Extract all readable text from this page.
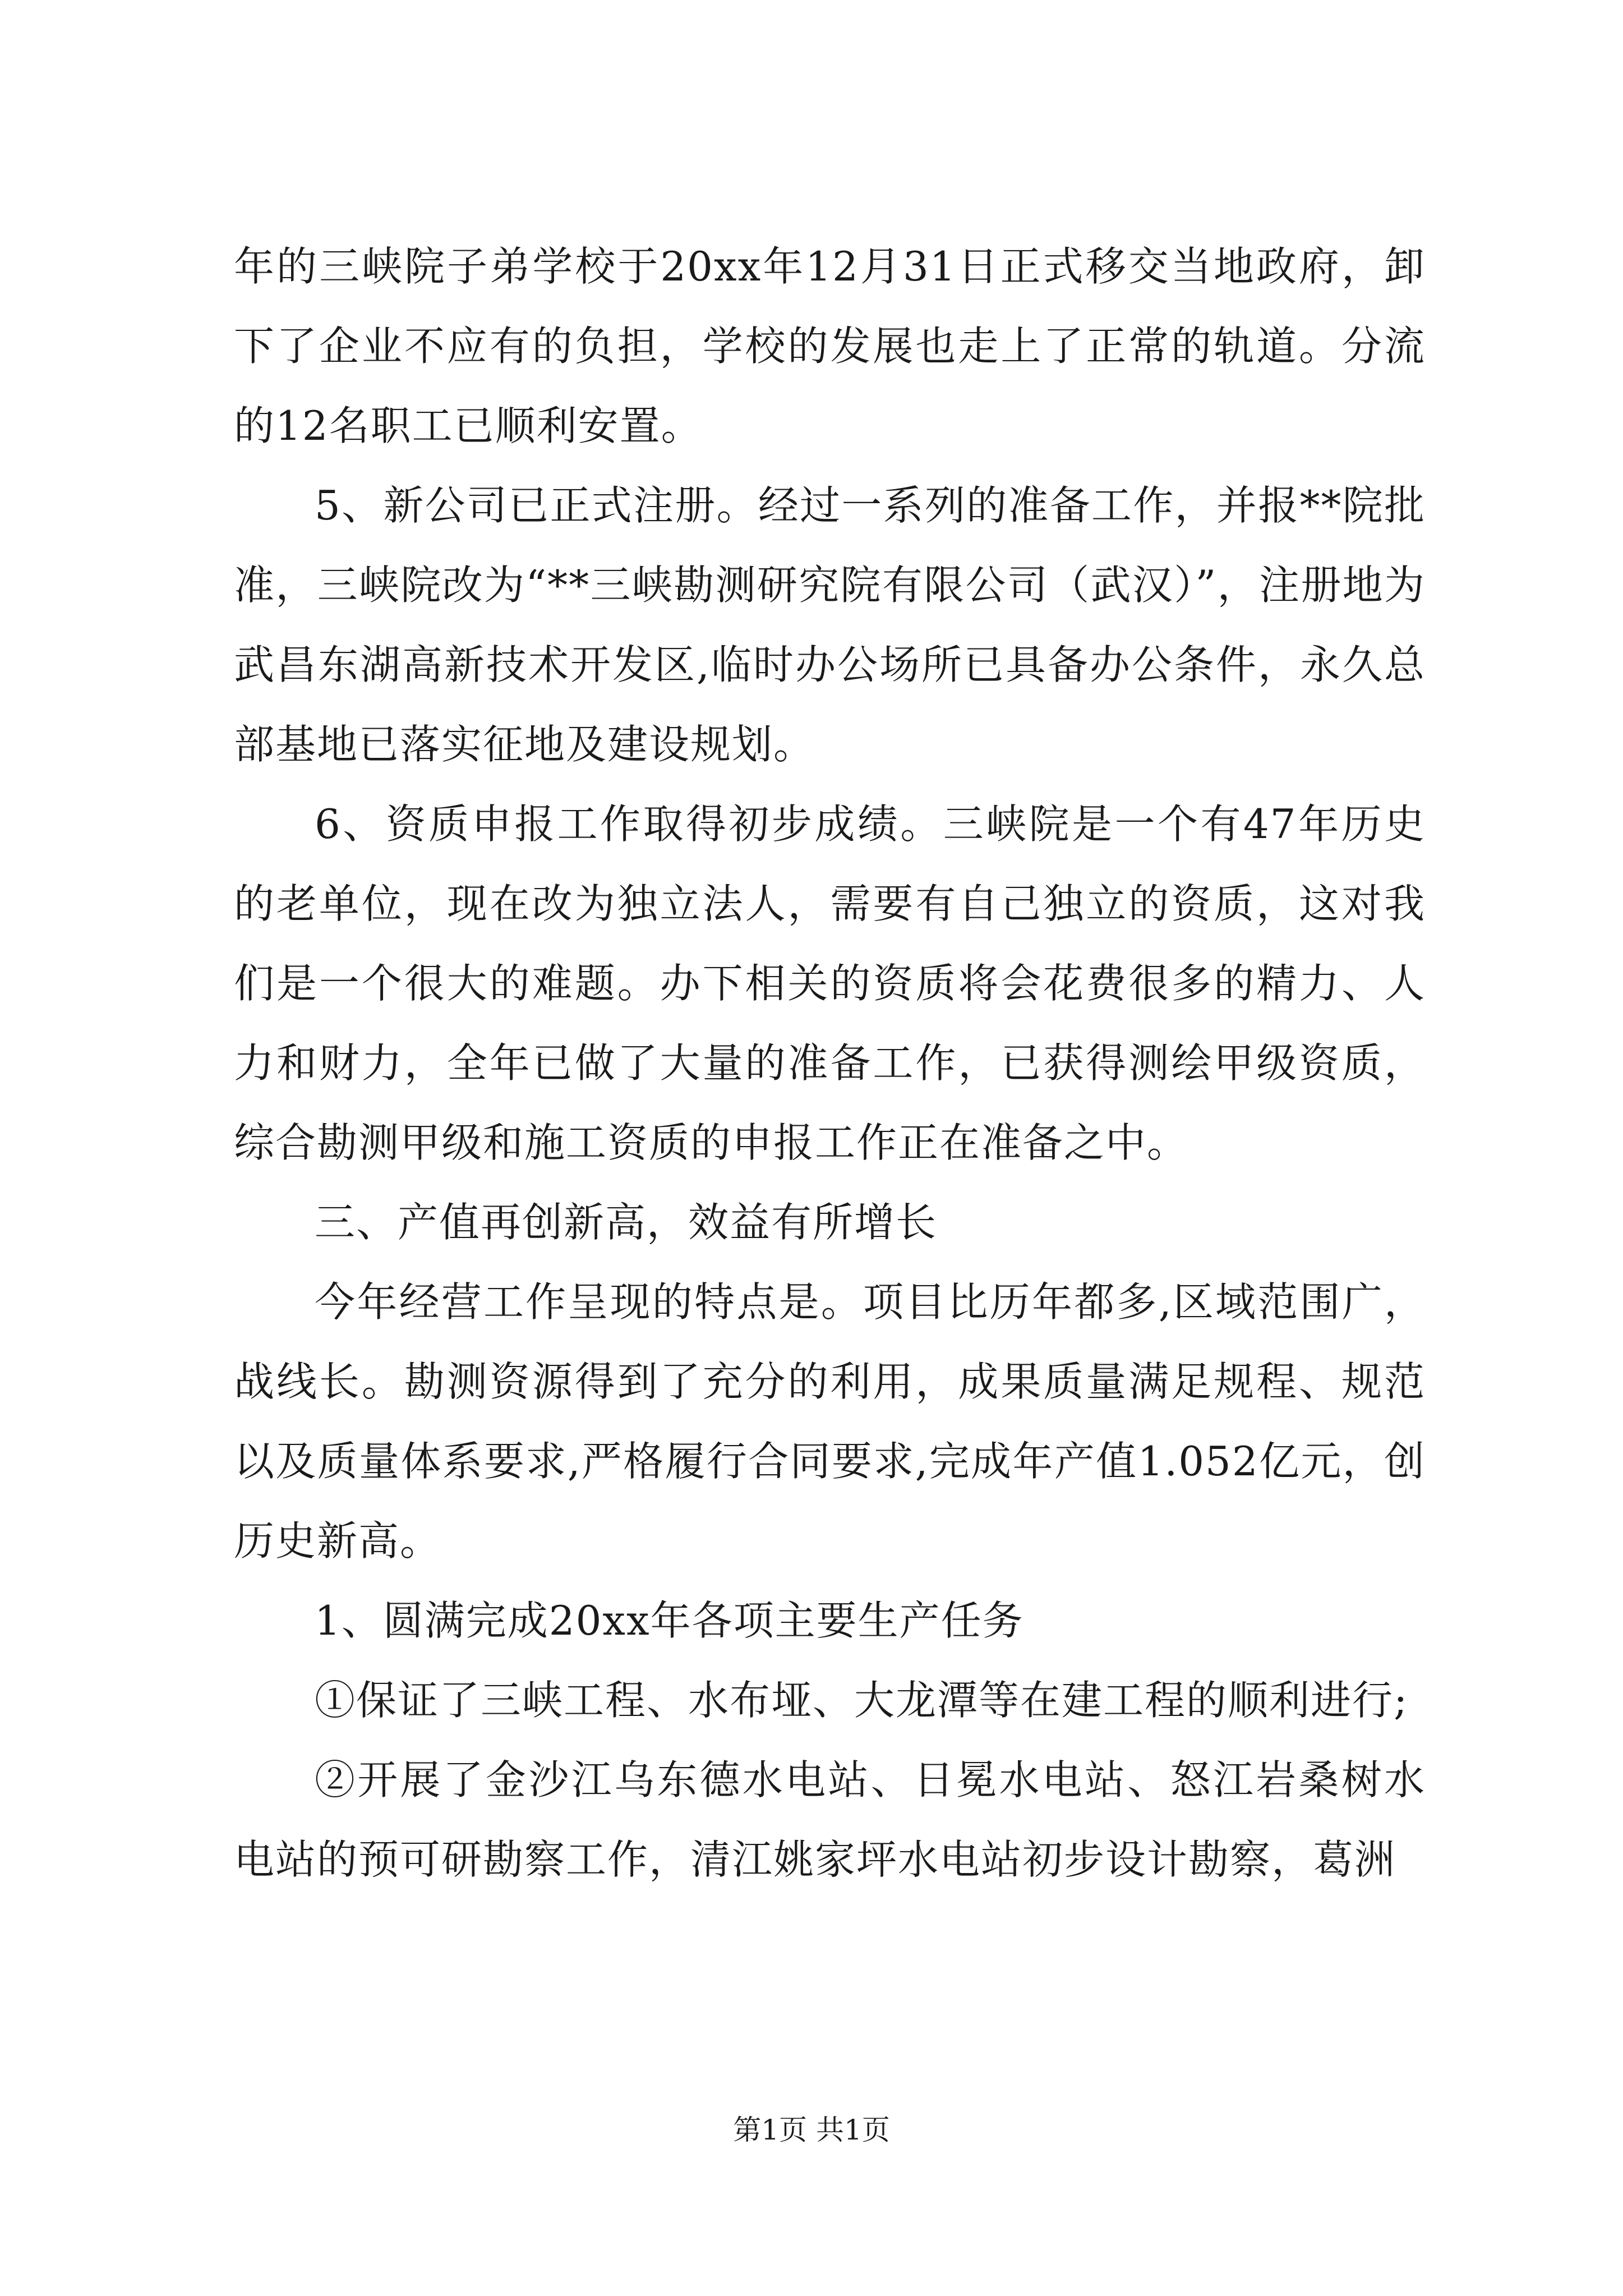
年的三峡院子弟学校于20xx年12月31日正式移交当地政府，卸下了企业不应有的负担，学校的发展也走上了正常的轨道。分流的12名职工已顺利安置。

5、新公司已正式注册。经过一系列的准备工作，并报**院批准，三峡院改为“**三峡勘测研究院有限公司（武汉）”，注册地为武昌东湖高新技术开发区,临时办公场所已具备办公条件，永久总部基地已落实征地及建设规划。

6、资质申报工作取得初步成绩。三峡院是一个有47年历史的老单位，现在改为独立法人，需要有自己独立的资质，这对我们是一个很大的难题。办下相关的资质将会花费很多的精力、人力和财力，全年已做了大量的准备工作，已获得测绘甲级资质，综合勘测甲级和施工资质的申报工作正在准备之中。

三、产值再创新高，效益有所增长

今年经营工作呈现的特点是。项目比历年都多,区域范围广，战线长。勘测资源得到了充分的利用，成果质量满足规程、规范以及质量体系要求,严格履行合同要求,完成年产值1.052亿元，创历史新高。

1、圆满完成20xx年各项主要生产任务

①保证了三峡工程、水布垭、大龙潭等在建工程的顺利进行;

②开展了金沙江乌东德水电站、日冕水电站、怒江岩桑树水电站的预可研勘察工作，清江姚家坪水电站初步设计勘察，葛洲

第1页 共1页
